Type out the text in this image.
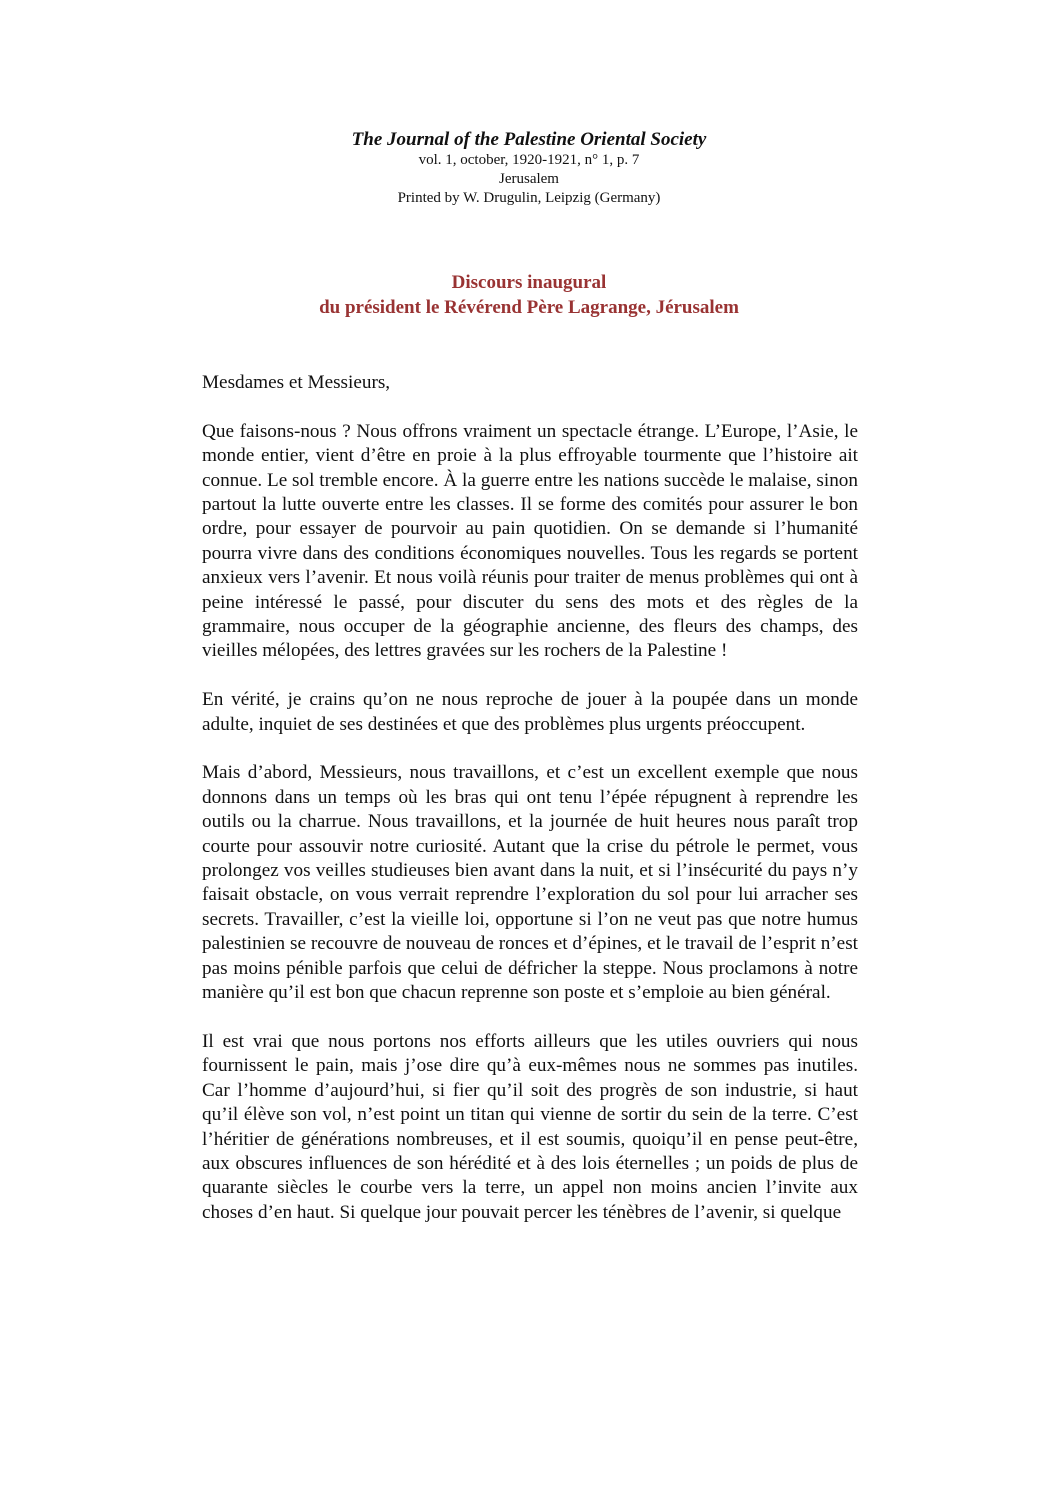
The Journal of the Palestine Oriental Society
vol. 1, october, 1920-1921, n° 1, p. 7
Jerusalem
Printed by W. Drugulin, Leipzig (Germany)
Discours inaugural
du président le Révérend Père Lagrange, Jérusalem

Mesdames et Messieurs,

Que faisons-nous ? Nous offrons vraiment un spectacle étrange. L’Europe, l’Asie, le monde entier, vient d’être en proie à la plus effroyable tourmente que l’histoire ait connue. Le sol tremble encore. À la guerre entre les nations succède le malaise, sinon partout la lutte ouverte entre les classes. Il se forme des comités pour assurer le bon ordre, pour essayer de pourvoir au pain quotidien. On se demande si l’humanité pourra vivre dans des conditions économiques nouvelles. Tous les regards se portent anxieux vers l’avenir. Et nous voilà réunis pour traiter de menus problèmes qui ont à peine intéressé le passé, pour discuter du sens des mots et des règles de la grammaire, nous occuper de la géographie ancienne, des fleurs des champs, des vieilles mélopées, des lettres gravées sur les rochers de la Palestine !

En vérité, je crains qu’on ne nous reproche de jouer à la poupée dans un monde adulte, inquiet de ses destinées et que des problèmes plus urgents préoccupent.

Mais d’abord, Messieurs, nous travaillons, et c’est un excellent exemple que nous donnons dans un temps où les bras qui ont tenu l’épée répugnent à reprendre les outils ou la charrue. Nous travaillons, et la journée de huit heures nous paraît trop courte pour assouvir notre curiosité. Autant que la crise du pétrole le permet, vous prolongez vos veilles studieuses bien avant dans la nuit, et si l’insécurité du pays n’y faisait obstacle, on vous verrait reprendre l’exploration du sol pour lui arracher ses secrets. Travailler, c’est la vieille loi, opportune si l’on ne veut pas que notre humus palestinien se recouvre de nouveau de ronces et d’épines, et le travail de l’esprit n’est pas moins pénible parfois que celui de défricher la steppe. Nous proclamons à notre manière qu’il est bon que chacun reprenne son poste et s’emploie au bien général.

Il est vrai que nous portons nos efforts ailleurs que les utiles ouvriers qui nous fournissent le pain, mais j’ose dire qu’à eux-mêmes nous ne sommes pas inutiles. Car l’homme d’aujourd’hui, si fier qu’il soit des progrès de son industrie, si haut qu’il élève son vol, n’est point un titan qui vienne de sortir du sein de la terre. C’est l’héritier de générations nombreuses, et il est soumis, quoiqu’il en pense peut-être, aux obscures influences de son hérédité et à des lois éternelles ; un poids de plus de quarante siècles le courbe vers la terre, un appel non moins ancien l’invite aux choses d’en haut. Si quelque jour pouvait percer les ténèbres de l’avenir, si quelque
